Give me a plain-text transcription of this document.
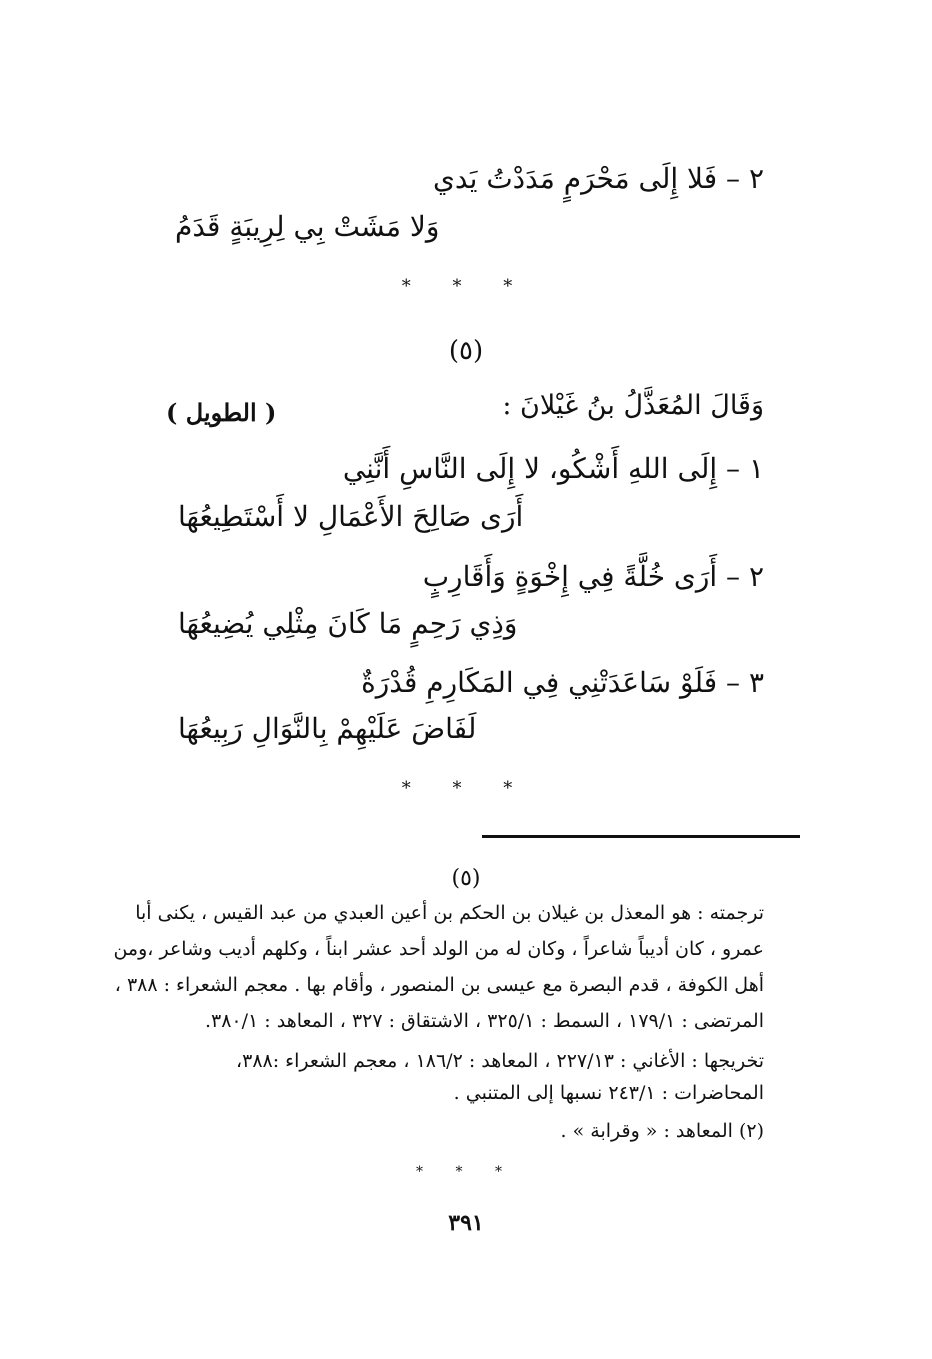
٢ – فَلا إِلَى مَحْرَمٍ مَدَدْتُ يَدي
وَلا مَشَتْ بِي لِرِيبَةٍ قَدَمُ
* * *
(٥)
وَقَالَ المُعَذَّلُ بنُ غَيْلانَ :
( الطويل )
١ – إِلَى اللهِ أَشْكُو، لا إِلَى النَّاسِ أَنَّنِي
أَرَى صَالِحَ الأَعْمَالِ لا أَسْتَطِيعُهَا
٢ – أَرَى خُلَّةً فِي إِخْوَةٍ وَأَقَارِبٍ
وَذِي رَحِمٍ مَا كَانَ مِثْلِي يُضِيعُهَا
٣ – فَلَوْ سَاعَدَتْنِي فِي المَكَارِمِ قُدْرَةٌ
لَفَاضَ عَلَيْهِمْ بِالنَّوَالِ رَبِيعُهَا
* * *
(٥)
ترجمته : هو المعذل بن غيلان بن الحكم بن أعين العبدي من عبد القيس ، يكنى أبا
عمرو ، كان أديباً شاعراً ، وكان له من الولد أحد عشر ابناً ، وكلهم أديب وشاعر ،ومن
أهل الكوفة ، قدم البصرة مع عيسى بن المنصور ، وأقام بها . معجم الشعراء : ٣٨٨ ،
المرتضى : ١٧٩/١ ، السمط : ٣٢٥/١ ، الاشتقاق : ٣٢٧ ، المعاهد : ٣٨٠/١.
تخريجها : الأغاني : ٢٢٧/١٣ ، المعاهد : ١٨٦/٢ ، معجم الشعراء :٣٨٨،
المحاضرات : ٢٤٣/١ نسبها إلى المتنبي .
(٢) المعاهد : « وقرابة » .
* * *
٣٩١
